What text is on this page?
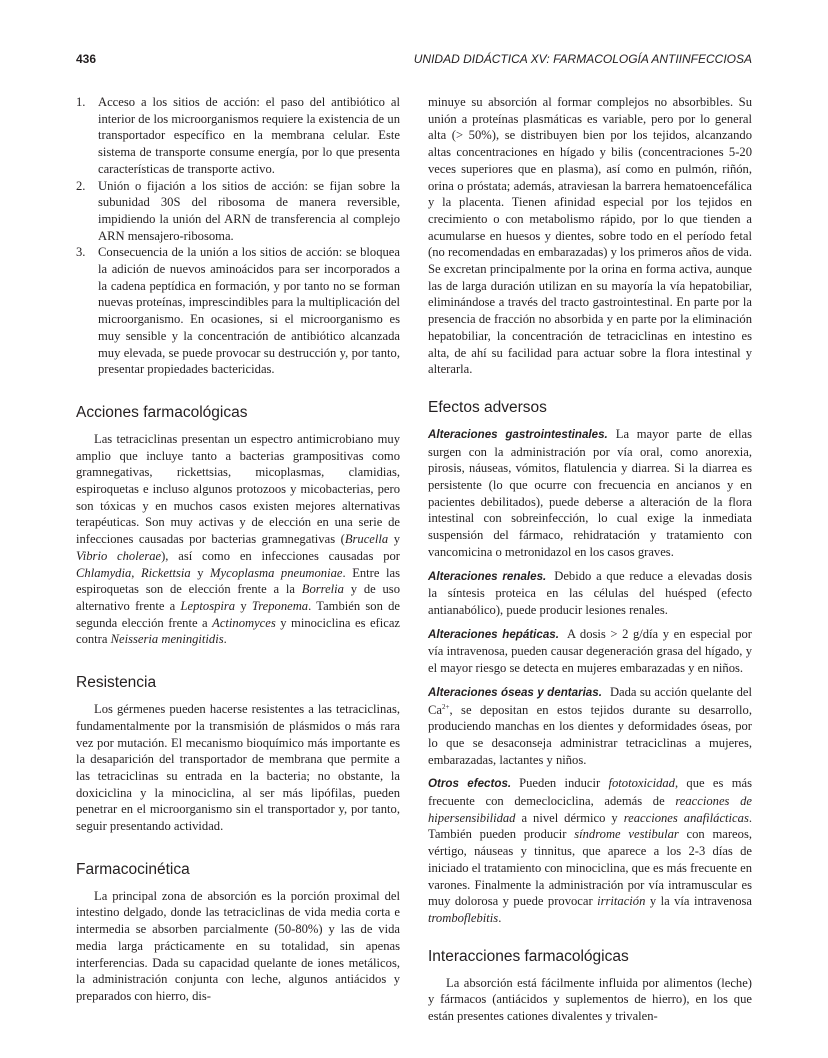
436	UNIDAD DIDÁCTICA XV: FARMACOLOGÍA ANTIINFECCIOSA
1. Acceso a los sitios de acción: el paso del antibiótico al interior de los microorganismos requiere la existencia de un transportador específico en la membrana celular. Este sistema de transporte consume energía, por lo que presenta características de transporte activo.
2. Unión o fijación a los sitios de acción: se fijan sobre la subunidad 30S del ribosoma de manera reversible, impidiendo la unión del ARN de transferencia al complejo ARN mensajero-ribosoma.
3. Consecuencia de la unión a los sitios de acción: se bloquea la adición de nuevos aminoácidos para ser incorporados a la cadena peptídica en formación, y por tanto no se forman nuevas proteínas, imprescindibles para la multiplicación del microorganismo. En ocasiones, si el microorganismo es muy sensible y la concentración de antibiótico alcanzada muy elevada, se puede provocar su destrucción y, por tanto, presentar propiedades bactericidas.
Acciones farmacológicas

Las tetraciclinas presentan un espectro antimicrobiano muy amplio que incluye tanto a bacterias grampositivas como gramnegativas, rickettsias, micoplasmas, clamidias, espiroquetas e incluso algunos protozoos y micobacterias, pero son tóxicas y en muchos casos existen mejores alternativas terapéuticas. Son muy activas y de elección en una serie de infecciones causadas por bacterias gramnegativas (Brucella y Vibrio cholerae), así como en infecciones causadas por Chlamydia, Rickettsia y Mycoplasma pneumoniae. Entre las espiroquetas son de elección frente a la Borrelia y de uso alternativo frente a Leptospira y Treponema. También son de segunda elección frente a Actinomyces y minociclina es eficaz contra Neisseria meningitidis.

Resistencia

Los gérmenes pueden hacerse resistentes a las tetraciclinas, fundamentalmente por la transmisión de plásmidos o más rara vez por mutación. El mecanismo bioquímico más importante es la desaparición del transportador de membrana que permite a las tetraciclinas su entrada en la bacteria; no obstante, la doxiciclina y la minociclina, al ser más lipófilas, pueden penetrar en el microorganismo sin el transportador y, por tanto, seguir presentando actividad.

Farmacocinética

La principal zona de absorción es la porción proximal del intestino delgado, donde las tetraciclinas de vida media corta e intermedia se absorben parcialmente (50-80%) y las de vida media larga prácticamente en su totalidad, sin apenas interferencias. Dada su capacidad quelante de iones metálicos, la administración conjunta con leche, algunos antiácidos y preparados con hierro, dis-

minuye su absorción al formar complejos no absorbibles. Su unión a proteínas plasmáticas es variable, pero por lo general alta (> 50%), se distribuyen bien por los tejidos, alcanzando altas concentraciones en hígado y bilis (concentraciones 5-20 veces superiores que en plasma), así como en pulmón, riñón, orina o próstata; además, atraviesan la barrera hematoencefálica y la placenta. Tienen afinidad especial por los tejidos en crecimiento o con metabolismo rápido, por lo que tienden a acumularse en huesos y dientes, sobre todo en el período fetal (no recomendadas en embarazadas) y los primeros años de vida. Se excretan principalmente por la orina en forma activa, aunque las de larga duración utilizan en su mayoría la vía hepatobiliar, eliminándose a través del tracto gastrointestinal. En parte por la presencia de fracción no absorbida y en parte por la eliminación hepatobiliar, la concentración de tetraciclinas en intestino es alta, de ahí su facilidad para actuar sobre la flora intestinal y alterarla.

Efectos adversos

Alteraciones gastrointestinales. La mayor parte de ellas surgen con la administración por vía oral, como anorexia, pirosis, náuseas, vómitos, flatulencia y diarrea. Si la diarrea es persistente (lo que ocurre con frecuencia en ancianos y en pacientes debilitados), puede deberse a alteración de la flora intestinal con sobreinfección, lo cual exige la inmediata suspensión del fármaco, rehidratación y tratamiento con vancomicina o metronidazol en los casos graves.

Alteraciones renales. Debido a que reduce a elevadas dosis la síntesis proteica en las células del huésped (efecto antianabólico), puede producir lesiones renales.

Alteraciones hepáticas. A dosis > 2 g/día y en especial por vía intravenosa, pueden causar degeneración grasa del hígado, y el mayor riesgo se detecta en mujeres embarazadas y en niños.

Alteraciones óseas y dentarias. Dada su acción quelante del $Ca^{2+}$, se depositan en estos tejidos durante su desarrollo, produciendo manchas en los dientes y deformidades óseas, por lo que se desaconseja administrar tetraciclinas a mujeres, embarazadas, lactantes y niños.

Otros efectos. Pueden inducir fototoxicidad, que es más frecuente con demeclociclina, además de reacciones de hipersensibilidad a nivel dérmico y reacciones anafilácticas. También pueden producir síndrome vestibular con mareos, vértigo, náuseas y tinnitus, que aparece a los 2-3 días de iniciado el tratamiento con minociclina, que es más frecuente en varones. Finalmente la administración por vía intramuscular es muy dolorosa y puede provocar irritación y la vía intravenosa tromboflebitis.

Interacciones farmacológicas

La absorción está fácilmente influida por alimentos (leche) y fármacos (antiácidos y suplementos de hierro), en los que están presentes cationes divalentes y trivalen-
